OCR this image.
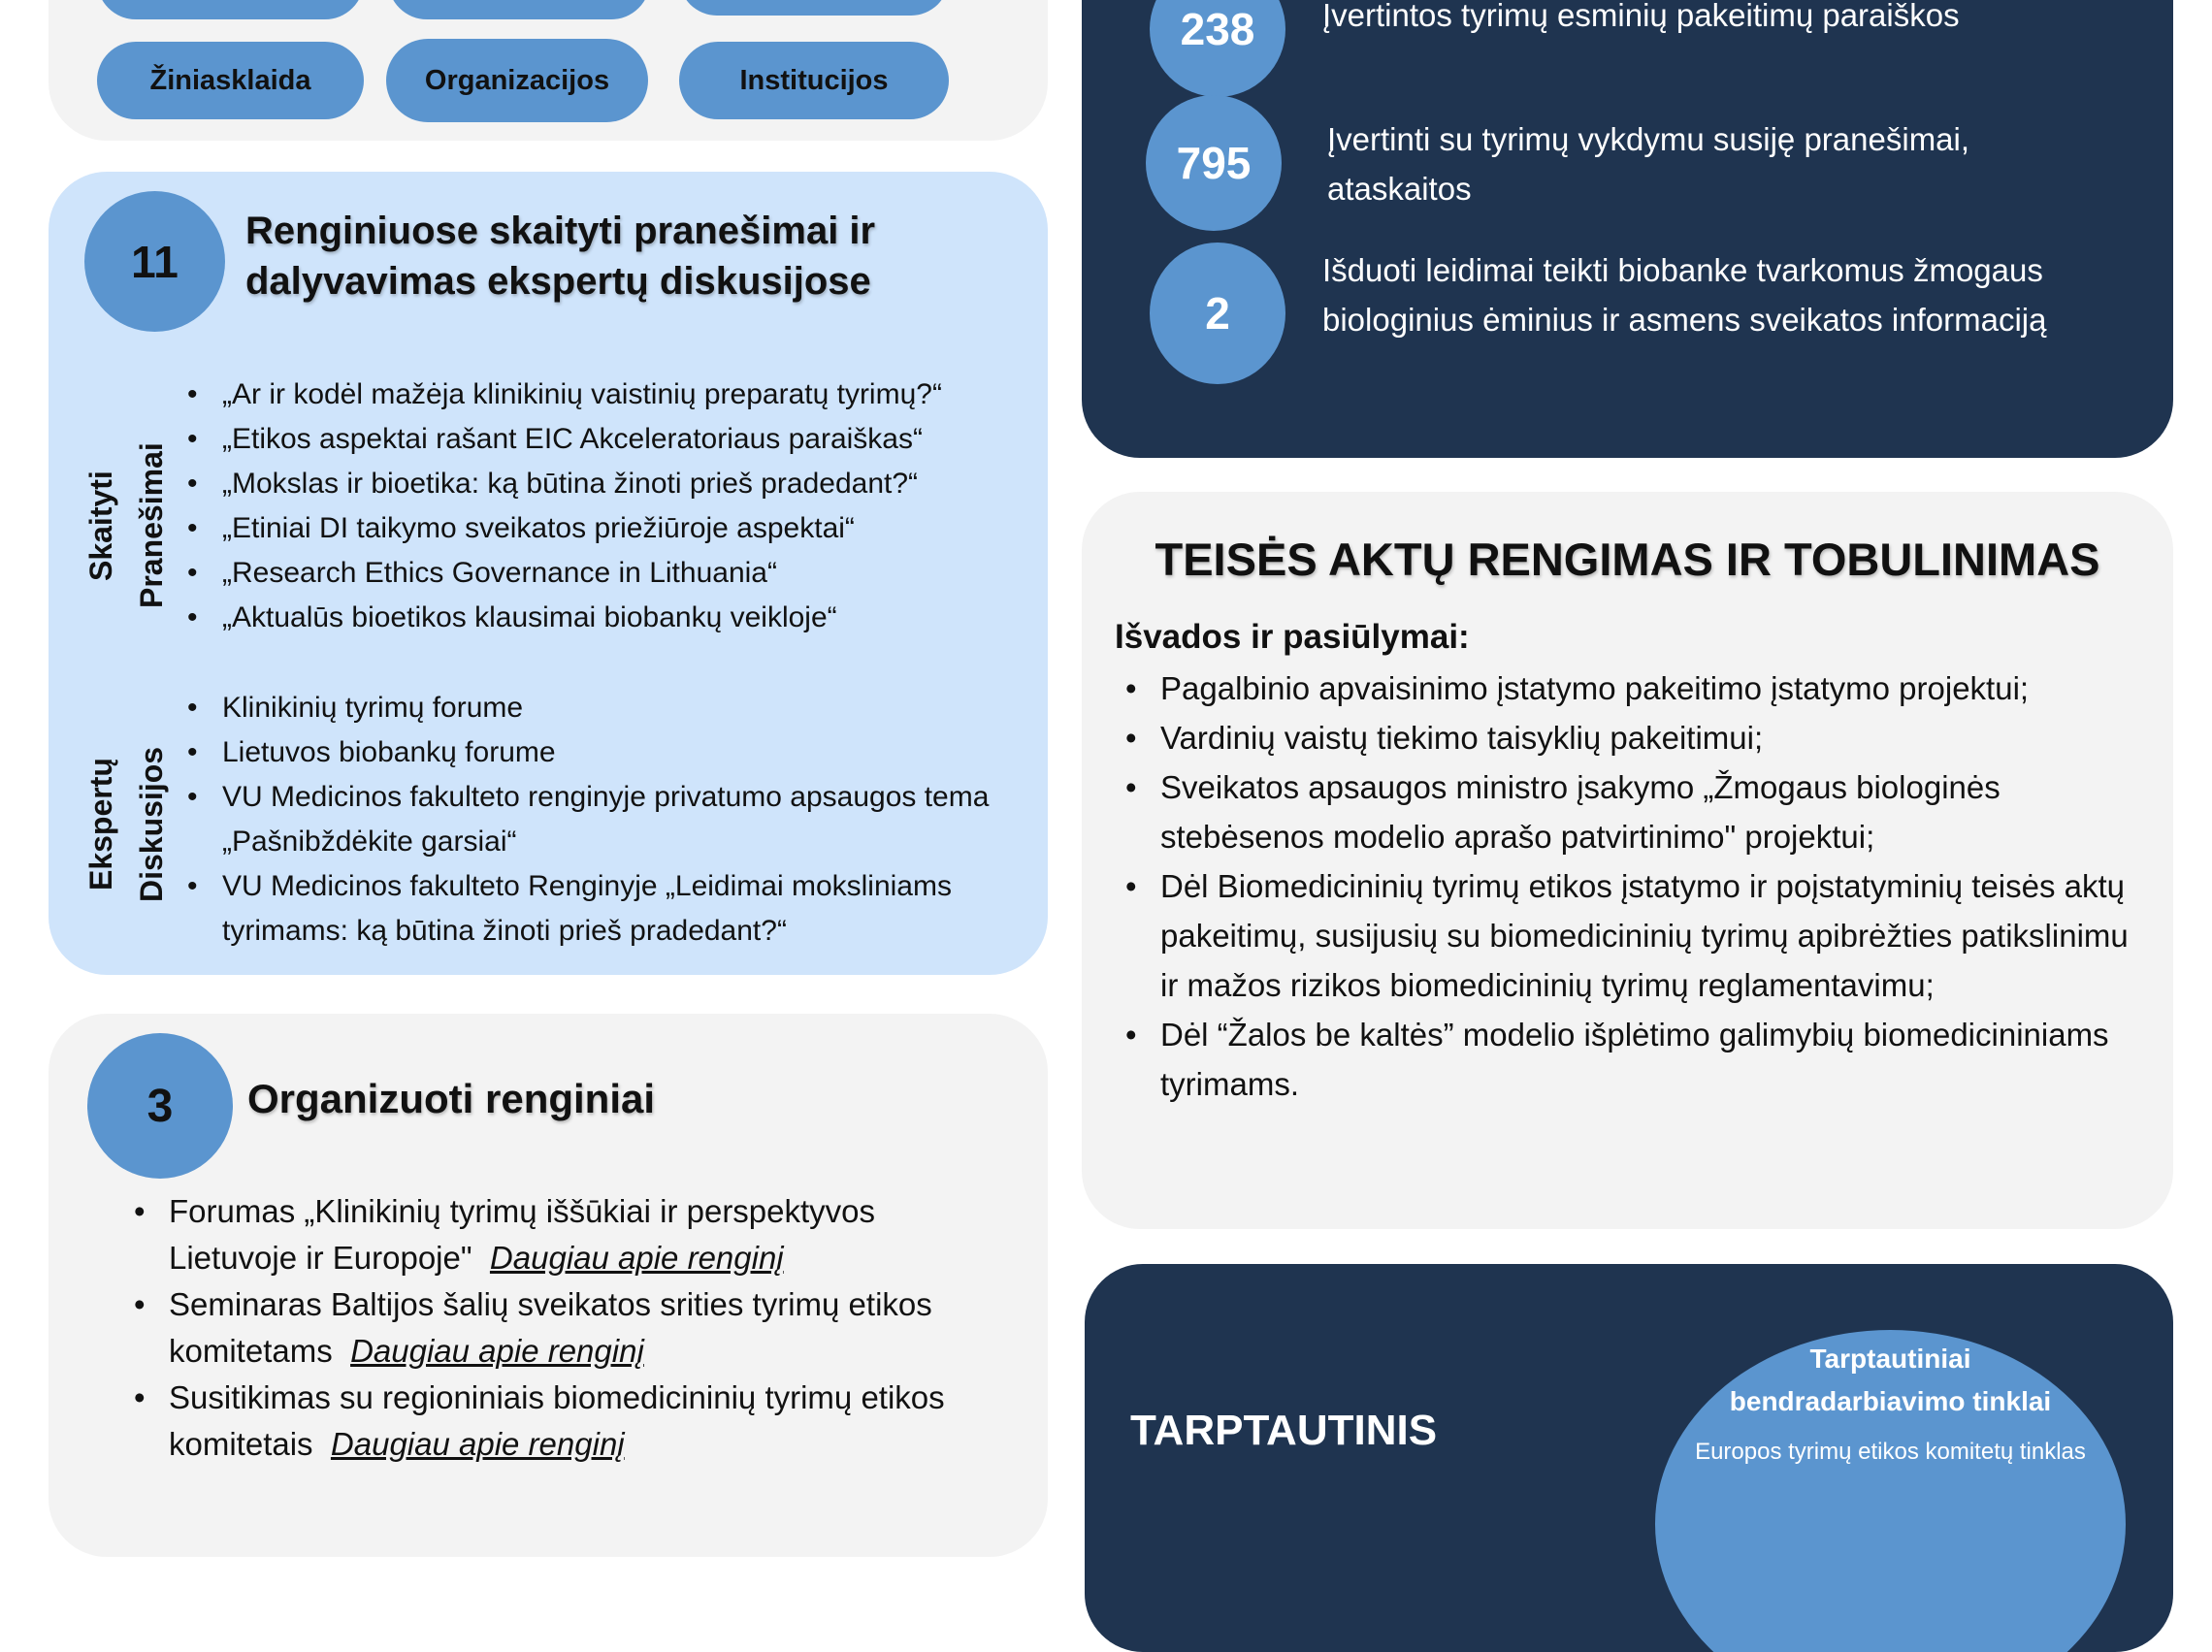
Žiniasklaida	Organizacijos	Institucijos
11
Renginiuose skaityti pranešimai ir
dalyvavimas ekspertų diskusijose
Skaityti Pranešimai
• „Ar ir kodėl mažėja klinikinių vaistinių preparatų tyrimų?“
• „Etikos aspektai rašant EIC Akceleratoriaus paraiškas“
• „Mokslas ir bioetika: ką būtina žinoti prieš pradedant?“
• „Etiniai DI taikymo sveikatos priežiūroje aspektai“
• „Research Ethics Governance in Lithuania“
• „Aktualūs bioetikos klausimai biobankų veikloje“
Ekspertų Diskusijos
• Klinikinių tyrimų forume
• Lietuvos biobankų forume
• VU Medicinos fakulteto renginyje privatumo apsaugos tema „Pašnibždėkite garsiai“
• VU Medicinos fakulteto Renginyje „Leidimai moksliniams tyrimams: ką būtina žinoti prieš pradedant?“
3	Organizuoti renginiai
• Forumas „Klinikinių tyrimų iššūkiai ir perspektyvos Lietuvoje ir Europoje" Daugiau apie renginį
• Seminaras Baltijos šalių sveikatos srities tyrimų etikos komitetams Daugiau apie renginį
• Susitikimas su regioniniais biomedicininių tyrimų etikos komitetais Daugiau apie renginį
238	Įvertintos tyrimų esminių pakeitimų paraiškos
795	Įvertinti su tyrimų vykdymu susiję pranešimai, ataskaitos
2
Išduoti leidimai teikti biobanke tvarkomus žmogaus biologinius ėminius ir asmens sveikatos informaciją
TEISĖS AKTŲ RENGIMAS IR TOBULINIMAS
Išvados ir pasiūlymai:
• Pagalbinio apvaisinimo įstatymo pakeitimo įstatymo projektui;
• Vardinių vaistų tiekimo taisyklių pakeitimui;
• Sveikatos apsaugos ministro įsakymo „Žmogaus biologinės stebėsenos modelio aprašo patvirtinimo" projektui;
• Dėl Biomedicininių tyrimų etikos įstatymo ir poįstatyminių teisės aktų pakeitimų, susijusių su biomedicininių tyrimų apibrėžties patikslinimu ir mažos rizikos biomedicininių tyrimų reglamentavimu;
• Dėl “Žalos be kaltės” modelio išplėtimo galimybių biomedicininiams tyrimams.
TARPTAUTINIS
Tarptautiniai bendradarbiavimo tinklai
Europos tyrimų etikos komitetų tinklas
